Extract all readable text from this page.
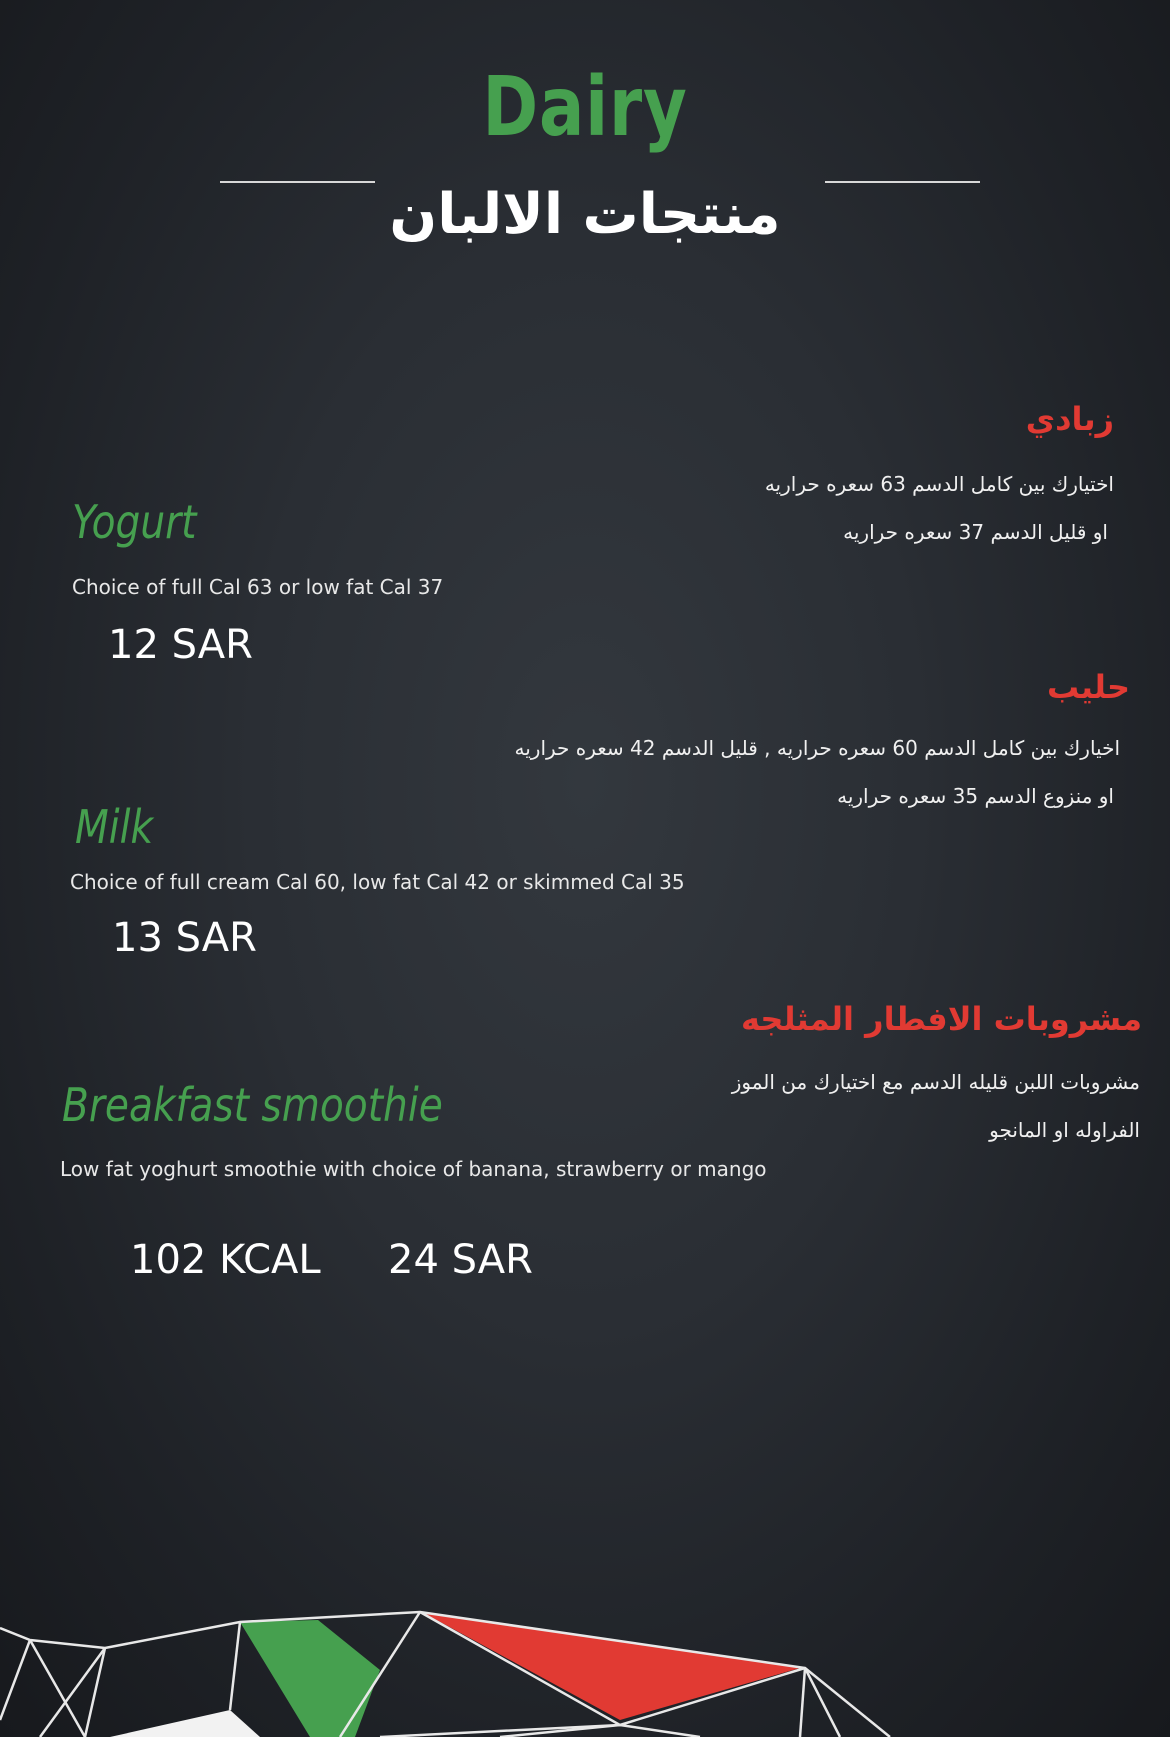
Dairy
منتجات الالبان
زبادي
اختيارك بين كامل الدسم 63 سعره حراريه
او قليل الدسم 37 سعره حراريه
Yogurt
Choice of full Cal 63 or low fat Cal 37
12 SAR
حليب
اخيارك بين كامل الدسم 60 سعره حراريه , قليل الدسم 42 سعره حراريه
او منزوع الدسم 35 سعره حراريه
Milk
Choice of full cream Cal 60, low fat Cal 42 or skimmed Cal 35
13 SAR
مشروبات الافطار المثلجه
مشروبات اللبن قليله الدسم مع اختيارك من الموز
الفراوله او المانجو
Breakfast smoothie
Low fat yoghurt smoothie with choice of banana, strawberry or mango
102 KCAL 24 SAR
